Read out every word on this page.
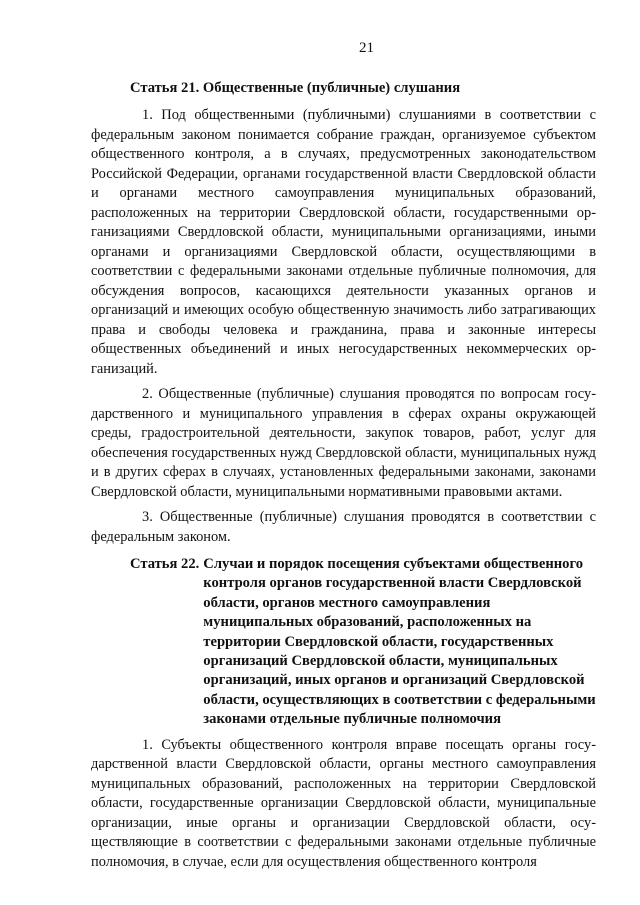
21
Статья 21. Общественные (публичные) слушания

1. Под общественными (публичными) слушаниями в соответствии с федеральным законом понимается собрание граждан, организуемое субъектом общественного контроля, а в случаях, предусмотренных законодательством Российской Федерации, органами государственной власти Свердловской области и органами местного самоуправления муниципальных образований, расположенных на территории Свердловской области, государственными организациями Свердловской области, муниципальными организациями, иными органами и организациями Свердловской области, осуществляющими в соответствии с федеральными законами отдельные публичные полномочия, для обсуждения вопросов, касающихся деятельности указанных органов и организаций и имеющих особую общественную значимость либо затрагивающих права и свободы человека и гражданина, права и законные интересы общественных объединений и иных негосударственных некоммерческих организаций.

2. Общественные (публичные) слушания проводятся по вопросам государственного и муниципального управления в сферах охраны окружающей среды, градостроительной деятельности, закупок товаров, работ, услуг для обеспечения государственных нужд Свердловской области, муниципальных нужд и в других сферах в случаях, установленных федеральными законами, законами Свердловской области, муниципальными нормативными правовыми актами.

3. Общественные (публичные) слушания проводятся в соответствии с федеральным законом.

Статья 22. Случаи и порядок посещения субъектами общественного контроля органов государственной власти Свердловской области, органов местного самоуправления муниципальных образований, расположенных на территории Свердловской области, государственных организаций Свердловской области, муниципальных организаций, иных органов и организаций Свердловской области, осуществляющих в соответствии с федеральными законами отдельные публичные полномочия

1. Субъекты общественного контроля вправе посещать органы государственной власти Свердловской области, органы местного самоуправления муниципальных образований, расположенных на территории Свердловской области, государственные организации Свердловской области, муниципальные организации, иные органы и организации Свердловской области, осуществляющие в соответствии с федеральными законами отдельные публичные полномочия, в случае, если для осуществления общественного контроля
